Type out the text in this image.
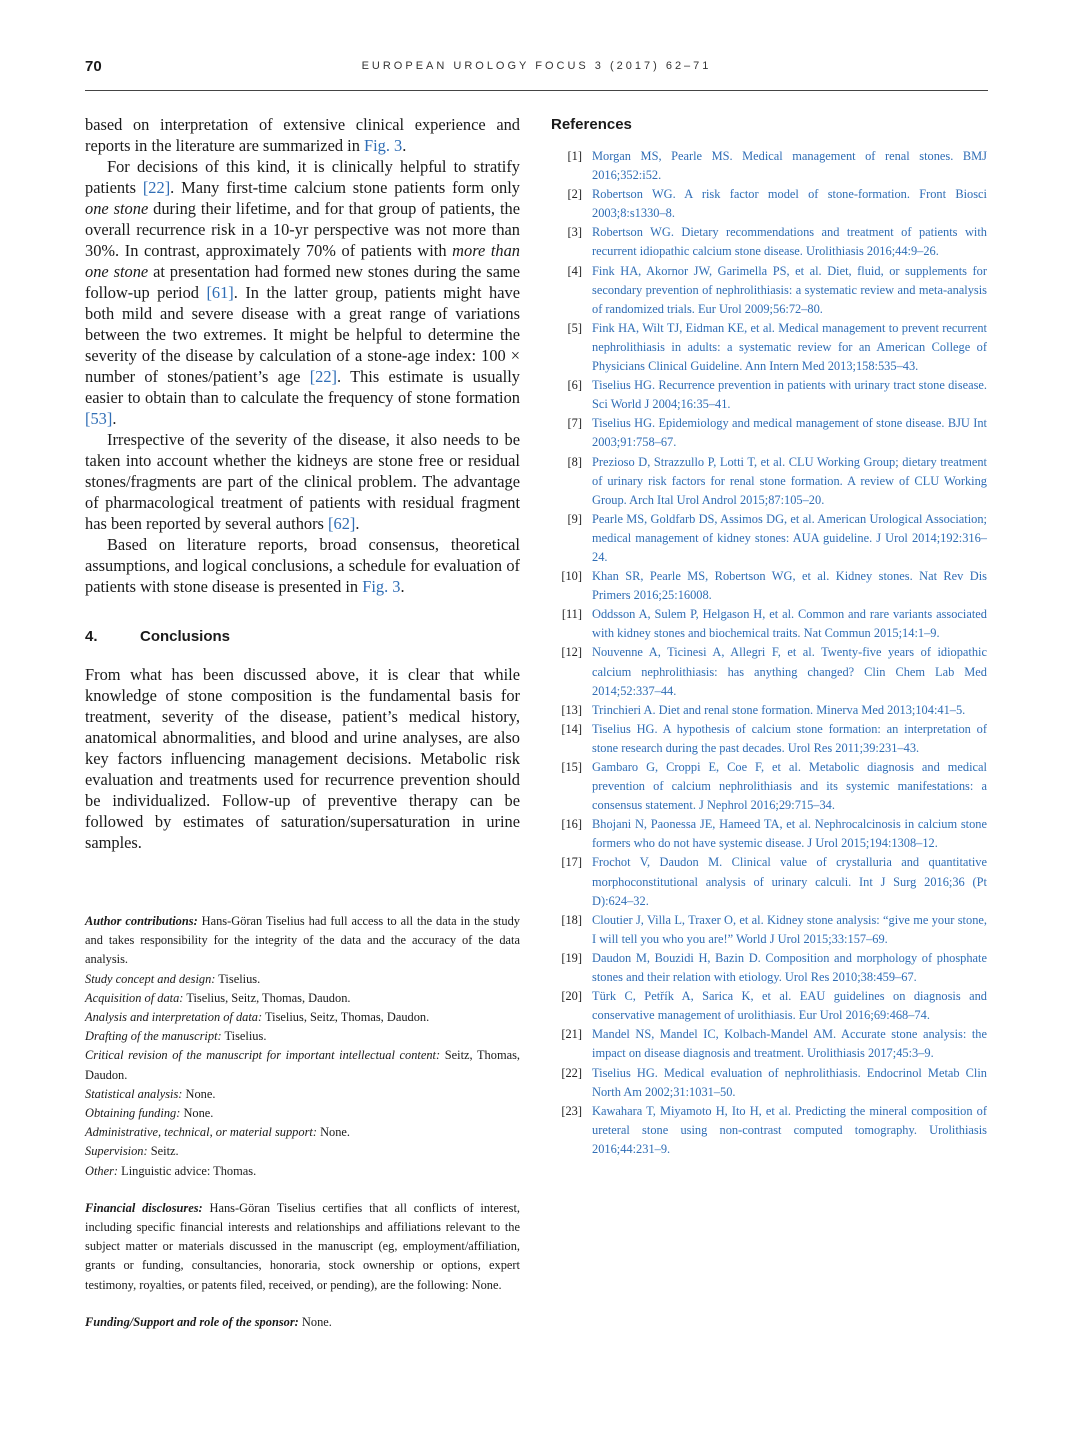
70	EUROPEAN UROLOGY FOCUS 3 (2017) 62–71

based on interpretation of extensive clinical experience and reports in the literature are summarized in Fig. 3.

For decisions of this kind, it is clinically helpful to stratify patients [22]. Many first-time calcium stone patients form only one stone during their lifetime, and for that group of patients, the overall recurrence risk in a 10-yr perspective was not more than 30%. In contrast, approximately 70% of patients with more than one stone at presentation had formed new stones during the same follow-up period [61]. In the latter group, patients might have both mild and severe disease with a great range of variations between the two extremes. It might be helpful to determine the severity of the disease by calculation of a stone-age index: 100 × number of stones/patient’s age [22]. This estimate is usually easier to obtain than to calculate the frequency of stone formation [53].

Irrespective of the severity of the disease, it also needs to be taken into account whether the kidneys are stone free or residual stones/fragments are part of the clinical problem. The advantage of pharmacological treatment of patients with residual fragment has been reported by several authors [62].

Based on literature reports, broad consensus, theoretical assumptions, and logical conclusions, a schedule for evaluation of patients with stone disease is presented in Fig. 3.

4.	Conclusions

From what has been discussed above, it is clear that while knowledge of stone composition is the fundamental basis for treatment, severity of the disease, patient’s medical history, anatomical abnormalities, and blood and urine analyses, are also key factors influencing management decisions. Metabolic risk evaluation and treatments used for recurrence prevention should be individualized. Follow-up of preventive therapy can be followed by estimates of saturation/supersaturation in urine samples.

Author contributions: Hans-Göran Tiselius had full access to all the data in the study and takes responsibility for the integrity of the data and the accuracy of the data analysis.

Study concept and design: Tiselius.

Acquisition of data: Tiselius, Seitz, Thomas, Daudon.

Analysis and interpretation of data: Tiselius, Seitz, Thomas, Daudon.

Drafting of the manuscript: Tiselius.

Critical revision of the manuscript for important intellectual content: Seitz, Thomas, Daudon.

Statistical analysis: None.

Obtaining funding: None.

Administrative, technical, or material support: None.

Supervision: Seitz.

Other: Linguistic advice: Thomas.

Financial disclosures: Hans-Göran Tiselius certifies that all conflicts of interest, including specific financial interests and relationships and affiliations relevant to the subject matter or materials discussed in the manuscript (eg, employment/affiliation, grants or funding, consultancies, honoraria, stock ownership or options, expert testimony, royalties, or patents filed, received, or pending), are the following: None.

Funding/Support and role of the sponsor: None.

References
[1] Morgan MS, Pearle MS. Medical management of renal stones. BMJ 2016;352:i52.
[2] Robertson WG. A risk factor model of stone-formation. Front Biosci 2003;8:s1330–8.
[3] Robertson WG. Dietary recommendations and treatment of patients with recurrent idiopathic calcium stone disease. Urolithiasis 2016;44:9–26.
[4] Fink HA, Akornor JW, Garimella PS, et al. Diet, fluid, or supplements for secondary prevention of nephrolithiasis: a systematic review and meta-analysis of randomized trials. Eur Urol 2009;56:72–80.
[5] Fink HA, Wilt TJ, Eidman KE, et al. Medical management to prevent recurrent nephrolithiasis in adults: a systematic review for an American College of Physicians Clinical Guideline. Ann Intern Med 2013;158:535–43.
[6] Tiselius HG. Recurrence prevention in patients with urinary tract stone disease. Sci World J 2004;16:35–41.
[7] Tiselius HG. Epidemiology and medical management of stone disease. BJU Int 2003;91:758–67.
[8] Prezioso D, Strazzullo P, Lotti T, et al. CLU Working Group; dietary treatment of urinary risk factors for renal stone formation. A review of CLU Working Group. Arch Ital Urol Androl 2015;87:105–20.
[9] Pearle MS, Goldfarb DS, Assimos DG, et al. American Urological Association; medical management of kidney stones: AUA guideline. J Urol 2014;192:316–24.
[10] Khan SR, Pearle MS, Robertson WG, et al. Kidney stones. Nat Rev Dis Primers 2016;25:16008.
[11] Oddsson A, Sulem P, Helgason H, et al. Common and rare variants associated with kidney stones and biochemical traits. Nat Commun 2015;14:1–9.
[12] Nouvenne A, Ticinesi A, Allegri F, et al. Twenty-five years of idiopathic calcium nephrolithiasis: has anything changed? Clin Chem Lab Med 2014;52:337–44.
[13] Trinchieri A. Diet and renal stone formation. Minerva Med 2013;104:41–5.
[14] Tiselius HG. A hypothesis of calcium stone formation: an interpretation of stone research during the past decades. Urol Res 2011;39:231–43.
[15] Gambaro G, Croppi E, Coe F, et al. Metabolic diagnosis and medical prevention of calcium nephrolithiasis and its systemic manifestations: a consensus statement. J Nephrol 2016;29:715–34.
[16] Bhojani N, Paonessa JE, Hameed TA, et al. Nephrocalcinosis in calcium stone formers who do not have systemic disease. J Urol 2015;194:1308–12.
[17] Frochot V, Daudon M. Clinical value of crystalluria and quantitative morphoconstitutional analysis of urinary calculi. Int J Surg 2016;36 (Pt D):624–32.
[18] Cloutier J, Villa L, Traxer O, et al. Kidney stone analysis: “give me your stone, I will tell you who you are!” World J Urol 2015;33:157–69.
[19] Daudon M, Bouzidi H, Bazin D. Composition and morphology of phosphate stones and their relation with etiology. Urol Res 2010;38:459–67.
[20] Türk C, Petřík A, Sarica K, et al. EAU guidelines on diagnosis and conservative management of urolithiasis. Eur Urol 2016;69:468–74.
[21] Mandel NS, Mandel IC, Kolbach-Mandel AM. Accurate stone analysis: the impact on disease diagnosis and treatment. Urolithiasis 2017;45:3–9.
[22] Tiselius HG. Medical evaluation of nephrolithiasis. Endocrinol Metab Clin North Am 2002;31:1031–50.
[23] Kawahara T, Miyamoto H, Ito H, et al. Predicting the mineral composition of ureteral stone using non-contrast computed tomography. Urolithiasis 2016;44:231–9.
